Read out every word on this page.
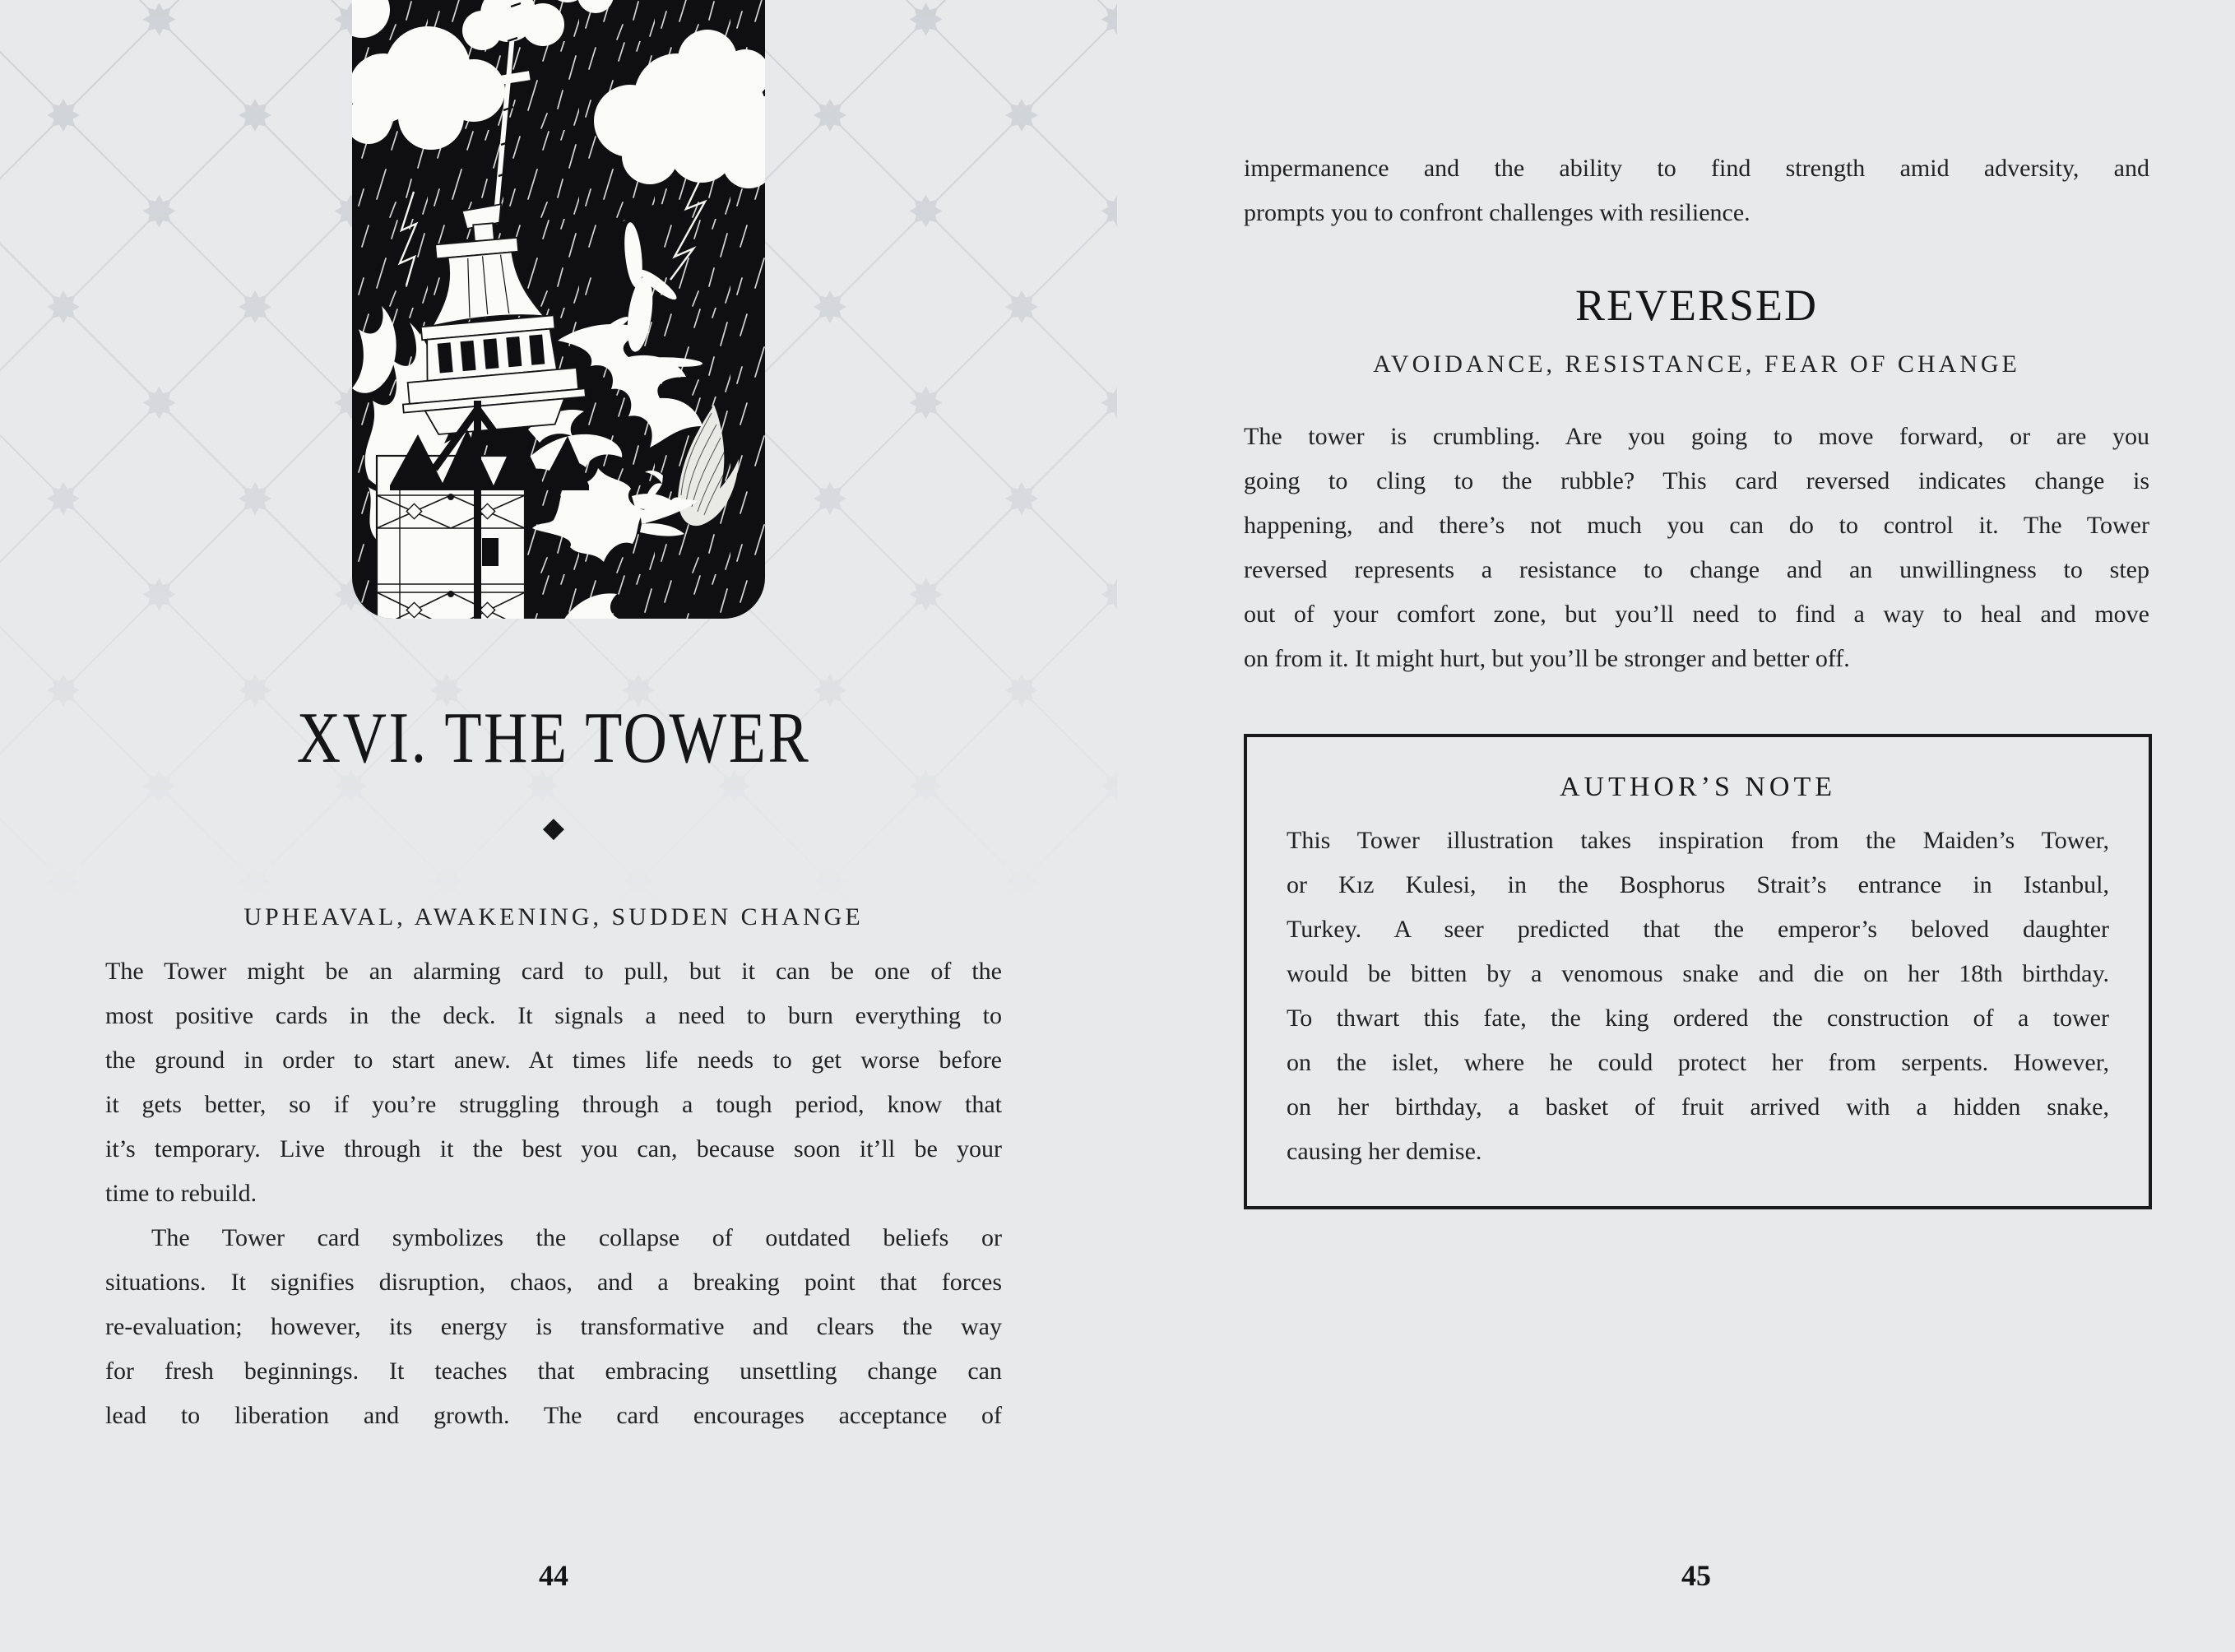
XVI. THE TOWER
◆
UPHEAVAL, AWAKENING, SUDDEN CHANGE
The Tower might be an alarming card to pull, but it can be one of the
most positive cards in the deck. It signals a need to burn everything to
the ground in order to start anew. At times life needs to get worse before
it gets better, so if you’re struggling through a tough period, know that
it’s temporary. Live through it the best you can, because soon it’ll be your
time to rebuild.
The Tower card symbolizes the collapse of outdated beliefs or
situations. It signifies disruption, chaos, and a breaking point that forces
re-evaluation; however, its energy is transformative and clears the way
for fresh beginnings. It teaches that embracing unsettling change can
lead to liberation and growth. The card encourages acceptance of
44
impermanence and the ability to find strength amid adversity, and
prompts you to confront challenges with resilience.
REVERSED
AVOIDANCE, RESISTANCE, FEAR OF CHANGE
The tower is crumbling. Are you going to move forward, or are you
going to cling to the rubble? This card reversed indicates change is
happening, and there’s not much you can do to control it. The Tower
reversed represents a resistance to change and an unwillingness to step
out of your comfort zone, but you’ll need to find a way to heal and move
on from it. It might hurt, but you’ll be stronger and better off.
AUTHOR’S NOTE
This Tower illustration takes inspiration from the Maiden’s Tower,
or Kız Kulesi, in the Bosphorus Strait’s entrance in Istanbul,
Turkey. A seer predicted that the emperor’s beloved daughter
would be bitten by a venomous snake and die on her 18th birthday.
To thwart this fate, the king ordered the construction of a tower
on the islet, where he could protect her from serpents. However,
on her birthday, a basket of fruit arrived with a hidden snake,
causing her demise.
45
